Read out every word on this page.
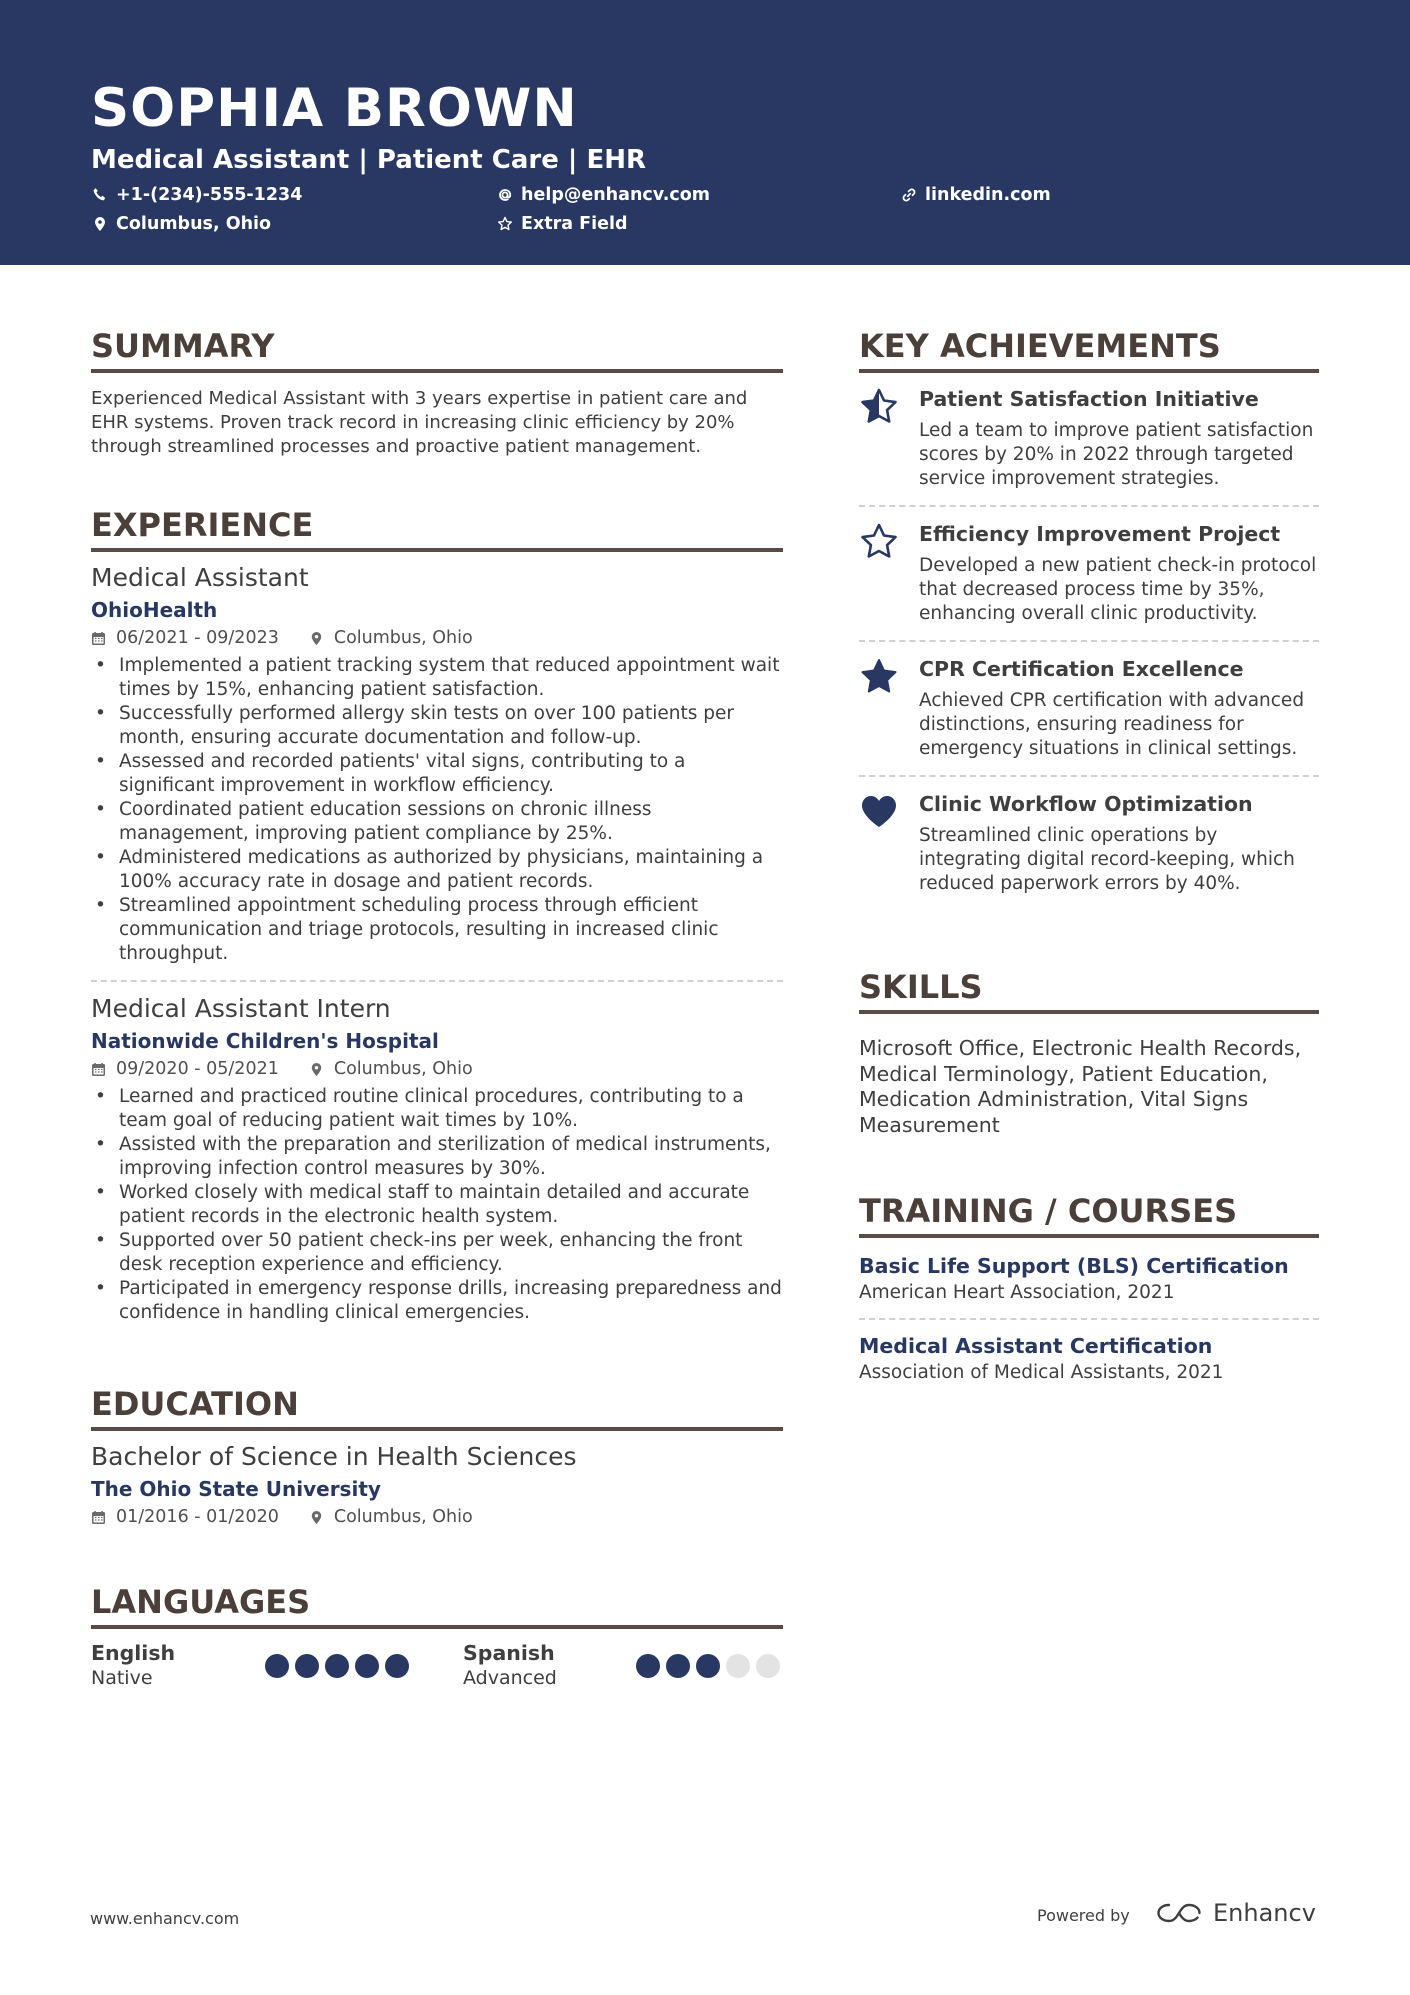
SOPHIA BROWN
Medical Assistant | Patient Care | EHR
+1-(234)-555-1234	help@enhancv.com	linkedin.com
Columbus, Ohio	Extra Field
SUMMARY
Experienced Medical Assistant with 3 years expertise in patient care and EHR systems. Proven track record in increasing clinic efficiency by 20% through streamlined processes and proactive patient management.
EXPERIENCE
Medical Assistant
OhioHealth
06/2021 - 09/2023	Columbus, Ohio
• Implemented a patient tracking system that reduced appointment wait times by 15%, enhancing patient satisfaction.
• Successfully performed allergy skin tests on over 100 patients per month, ensuring accurate documentation and follow-up.
• Assessed and recorded patients' vital signs, contributing to a significant improvement in workflow efficiency.
• Coordinated patient education sessions on chronic illness management, improving patient compliance by 25%.
• Administered medications as authorized by physicians, maintaining a 100% accuracy rate in dosage and patient records.
• Streamlined appointment scheduling process through efficient communication and triage protocols, resulting in increased clinic throughput.
Medical Assistant Intern
Nationwide Children's Hospital
09/2020 - 05/2021	Columbus, Ohio
• Learned and practiced routine clinical procedures, contributing to a team goal of reducing patient wait times by 10%.
• Assisted with the preparation and sterilization of medical instruments, improving infection control measures by 30%.
• Worked closely with medical staff to maintain detailed and accurate patient records in the electronic health system.
• Supported over 50 patient check-ins per week, enhancing the front desk reception experience and efficiency.
• Participated in emergency response drills, increasing preparedness and confidence in handling clinical emergencies.
EDUCATION
Bachelor of Science in Health Sciences
The Ohio State University
01/2016 - 01/2020	Columbus, Ohio
LANGUAGES
English
Native
Spanish
Advanced
KEY ACHIEVEMENTS
Patient Satisfaction Initiative
Led a team to improve patient satisfaction scores by 20% in 2022 through targeted service improvement strategies.
Efficiency Improvement Project
Developed a new patient check-in protocol that decreased process time by 35%, enhancing overall clinic productivity.
CPR Certification Excellence
Achieved CPR certification with advanced distinctions, ensuring readiness for emergency situations in clinical settings.
Clinic Workflow Optimization
Streamlined clinic operations by integrating digital record-keeping, which reduced paperwork errors by 40%.
SKILLS
Microsoft Office, Electronic Health Records, Medical Terminology, Patient Education, Medication Administration, Vital Signs Measurement
TRAINING / COURSES
Basic Life Support (BLS) Certification
American Heart Association, 2021
Medical Assistant Certification
Association of Medical Assistants, 2021
www.enhancv.com	Powered by	Enhancv
